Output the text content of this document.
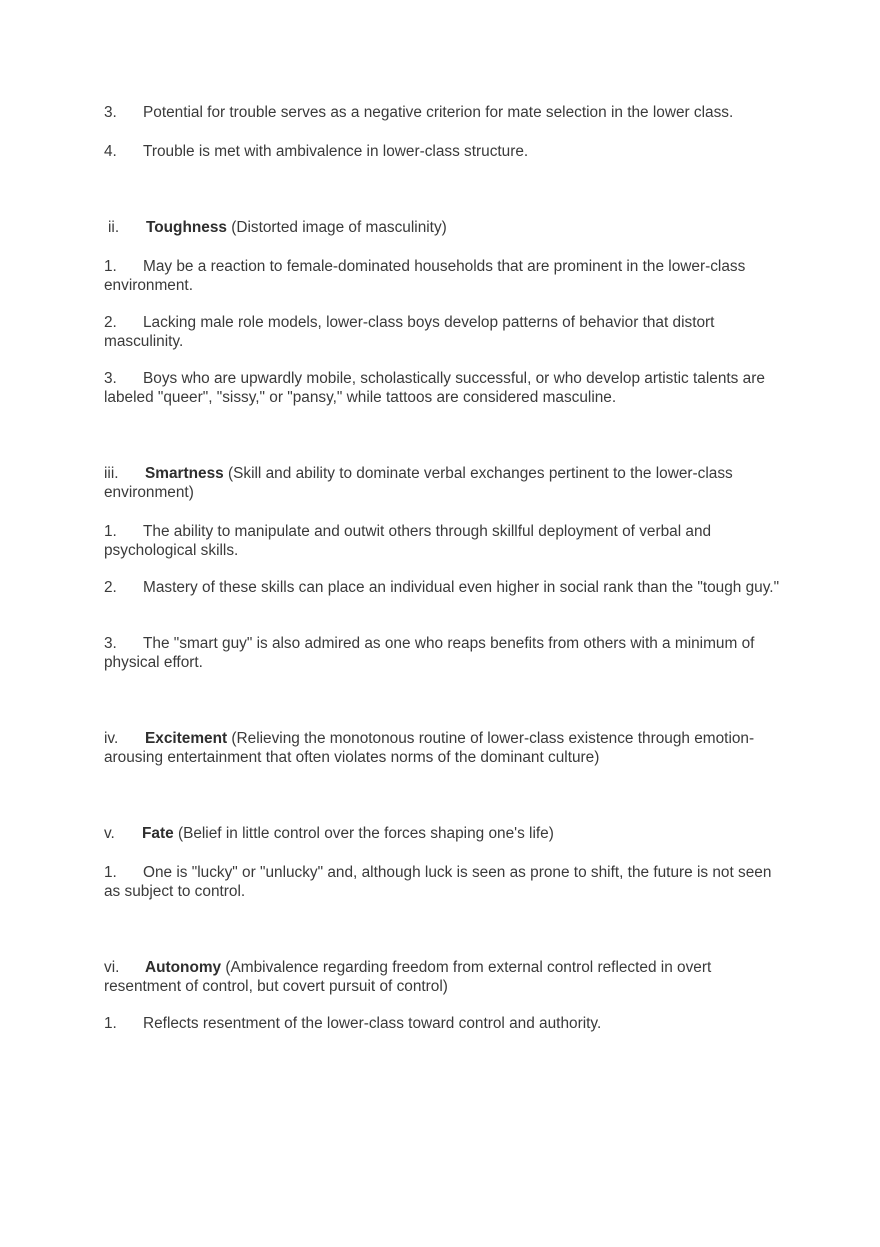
3. Potential for trouble serves as a negative criterion for mate selection in the lower class.

4. Trouble is met with ambivalence in lower-class structure.

ii. Toughness (Distorted image of masculinity)

1. May be a reaction to female-dominated households that are prominent in the lower-class environment.

2. Lacking male role models, lower-class boys develop patterns of behavior that distort masculinity.

3. Boys who are upwardly mobile, scholastically successful, or who develop artistic talents are labeled "queer", "sissy," or "pansy," while tattoos are considered masculine.

iii. Smartness (Skill and ability to dominate verbal exchanges pertinent to the lower-class environment)

1. The ability to manipulate and outwit others through skillful deployment of verbal and psychological skills.

2. Mastery of these skills can place an individual even higher in social rank than the "tough guy."

3. The "smart guy" is also admired as one who reaps benefits from others with a minimum of physical effort.

iv. Excitement (Relieving the monotonous routine of lower-class existence through emotion-arousing entertainment that often violates norms of the dominant culture)

v. Fate (Belief in little control over the forces shaping one's life)

1. One is "lucky" or "unlucky" and, although luck is seen as prone to shift, the future is not seen as subject to control.

vi. Autonomy (Ambivalence regarding freedom from external control reflected in overt resentment of control, but covert pursuit of control)

1. Reflects resentment of the lower-class toward control and authority.
